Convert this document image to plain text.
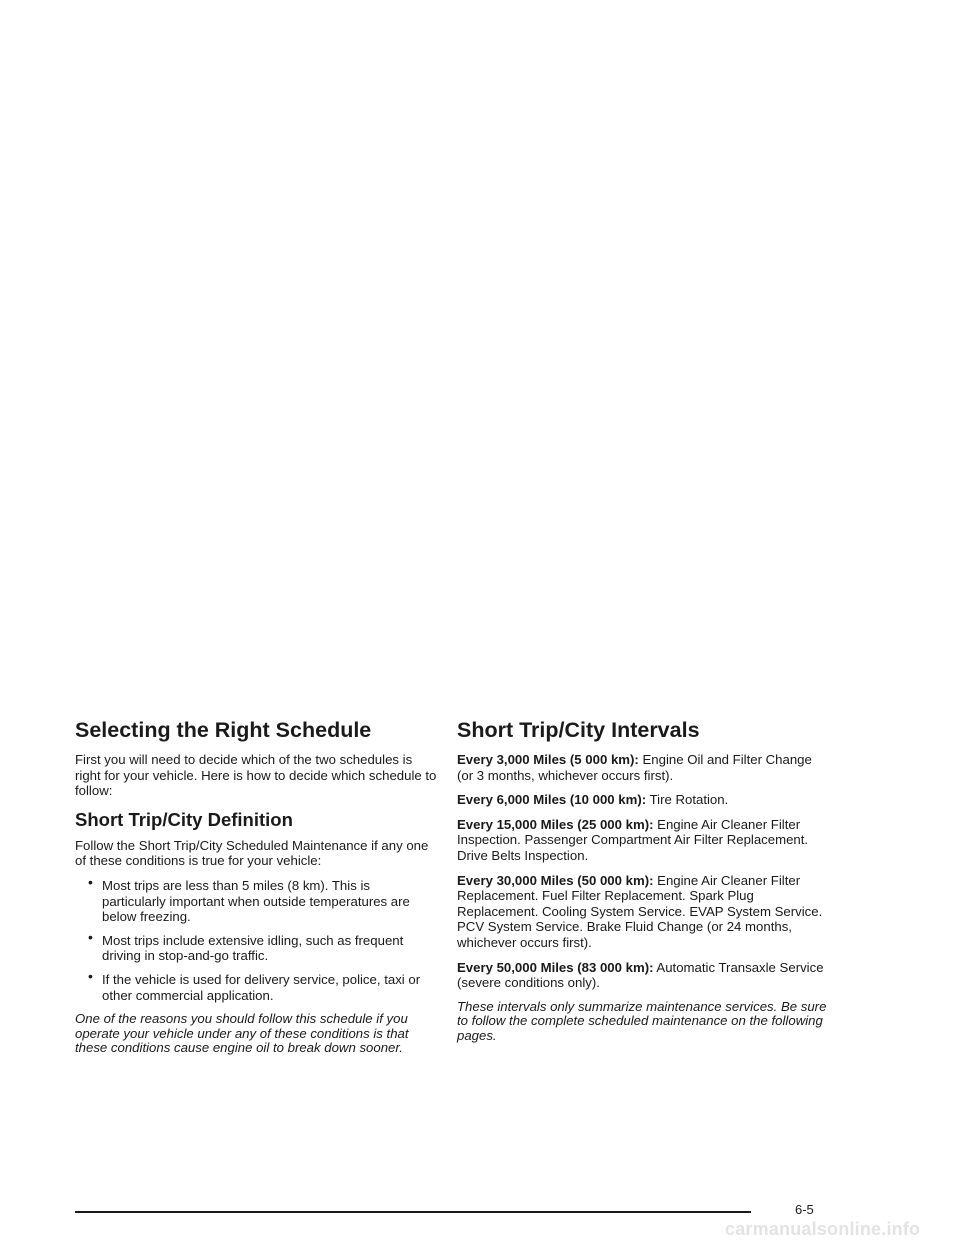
Selecting the Right Schedule

First you will need to decide which of the two schedules is right for your vehicle. Here is how to decide which schedule to follow:

Short Trip/City Definition

Follow the Short Trip/City Scheduled Maintenance if any one of these conditions is true for your vehicle:

• Most trips are less than 5 miles (8 km). This is particularly important when outside temperatures are below freezing.
• Most trips include extensive idling, such as frequent driving in stop-and-go traffic.
• If the vehicle is used for delivery service, police, taxi or other commercial application.

One of the reasons you should follow this schedule if you operate your vehicle under any of these conditions is that these conditions cause engine oil to break down sooner.

Short Trip/City Intervals

Every 3,000 Miles (5 000 km): Engine Oil and Filter Change (or 3 months, whichever occurs first).

Every 6,000 Miles (10 000 km): Tire Rotation.

Every 15,000 Miles (25 000 km): Engine Air Cleaner Filter Inspection. Passenger Compartment Air Filter Replacement. Drive Belts Inspection.

Every 30,000 Miles (50 000 km): Engine Air Cleaner Filter Replacement. Fuel Filter Replacement. Spark Plug Replacement. Cooling System Service. EVAP System Service. PCV System Service. Brake Fluid Change (or 24 months, whichever occurs first).

Every 50,000 Miles (83 000 km): Automatic Transaxle Service (severe conditions only).

These intervals only summarize maintenance services. Be sure to follow the complete scheduled maintenance on the following pages.

6-5
carmanualsonline.info
